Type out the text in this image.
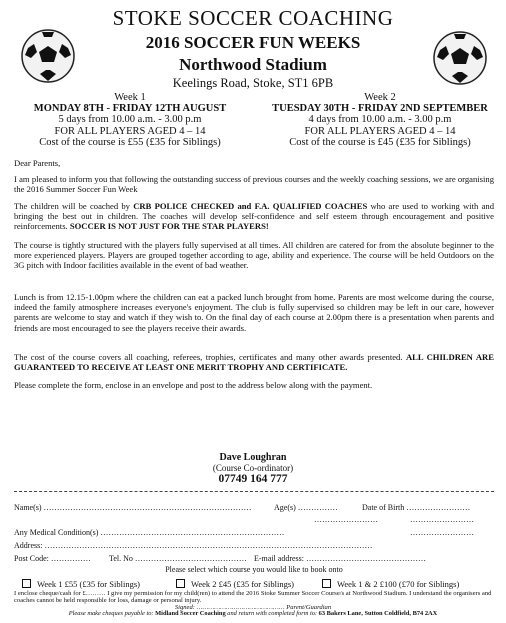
STOKE SOCCER COACHING
2016 SOCCER FUN WEEKS
Northwood Stadium
Keelings Road, Stoke, ST1 6PB
Week 1
MONDAY 8TH - FRIDAY 12TH AUGUST
5 days from 10.00 a.m. - 3.00 p.m
FOR ALL PLAYERS AGED 4 – 14
Cost of the course is £55 (£35 for Siblings)
Week 2
TUESDAY 30TH - FRIDAY 2ND SEPTEMBER
4 days from 10.00 a.m. - 3.00 p.m
FOR ALL PLAYERS AGED 4 – 14
Cost of the course is £45 (£35 for Siblings)
Dear Parents,
I am pleased to inform you that following the outstanding success of previous courses and the weekly coaching sessions, we are organising the 2016 Summer Soccer Fun Week
The children will be coached by CRB POLICE CHECKED and F.A. QUALIFIED COACHES who are used to working with and bringing the best out in children. The coaches will develop self-confidence and self esteem through encouragement and positive reinforcements. SOCCER IS NOT JUST FOR THE STAR PLAYERS!
The course is tightly structured with the players fully supervised at all times. All children are catered for from the absolute beginner to the more experienced players. Players are grouped together according to age, ability and experience. The course will be held Outdoors on the 3G pitch with Indoor facilities available in the event of bad weather.
Lunch is from 12.15-1.00pm where the children can eat a packed lunch brought from home. Parents are most welcome during the course, indeed the family atmosphere increases everyone's enjoyment. The club is fully supervised so children may be left in our care, however parents are welcome to stay and watch if they wish to. On the final day of each course at 2.00pm there is a presentation when parents and friends are most encouraged to see the players receive their awards.
The cost of the course covers all coaching, referees, trophies, certificates and many other awards presented. ALL CHILDREN ARE GUARANTEED TO RECEIVE AT LEAST ONE MERIT TROPHY AND CERTIFICATE.
Please complete the form, enclose in an envelope and post to the address below along with the payment.
Dave Loughran
(Course Co-ordinator)
07749 164 777
Name(s) ……………………………………………………………………	Age(s) ……………	Date of Birth ……………………
……………………	……………………
Any Medical Condition(s) ……………………………………………………………	……………………
Address: ……………………………………………………………………………………………………………
Post Code: …………… Tel. No …………………………………… E-mail address: ………………………………………
Please select which course you would like to book onto
Week 1 £55 (£35 for Siblings)	Week 2 £45 (£35 for Siblings)	Week 1 & 2 £100 (£70 for Siblings)
I enclose cheque/cash for £……… I give my permission for my child(ren) to attend the 2016 Stoke Summer Soccer Course/s at Northwood Stadium. I understand the organisers and coaches cannot be held responsible for loss, damage or personal injury.
Signed: ……………………………………… Parent/Guardian
Please make cheques payable to: Midland Soccer Coaching and return with completed form to: 63 Bakers Lane, Sutton Coldfield, B74 2AX
